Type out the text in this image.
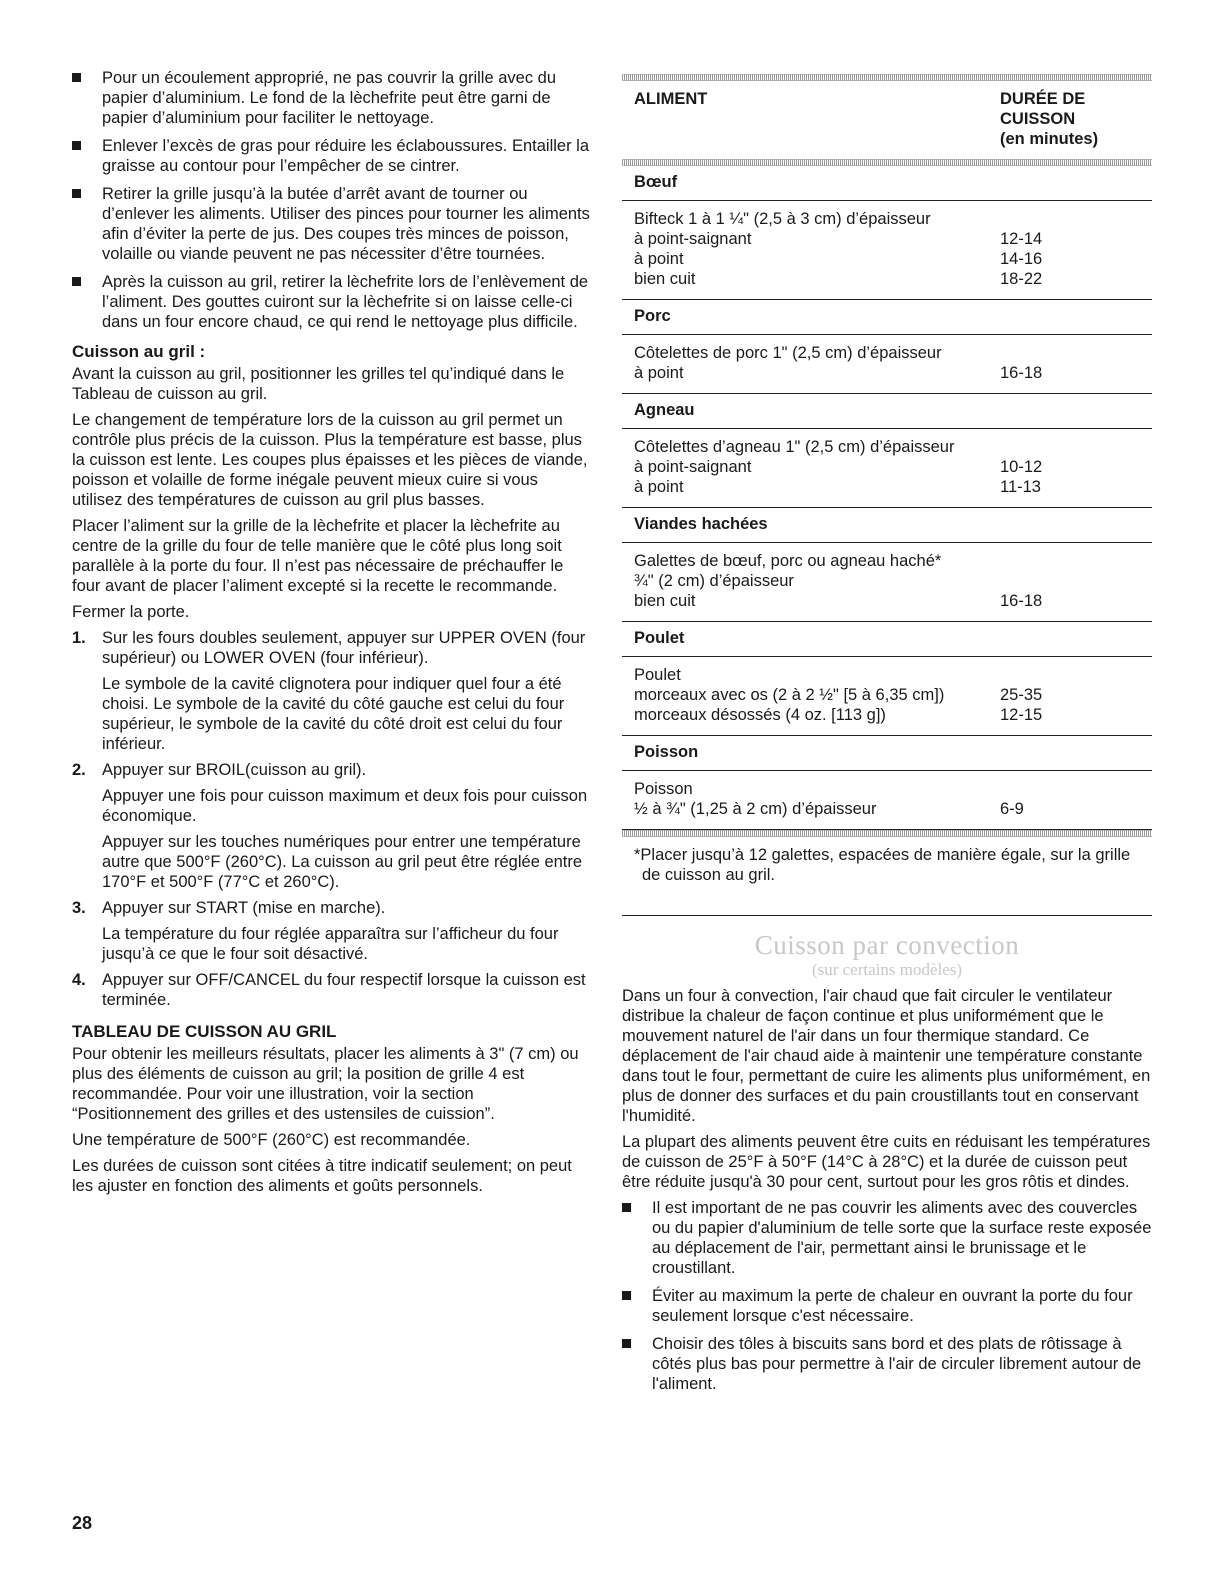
Pour un écoulement approprié, ne pas couvrir la grille avec du papier d’aluminium. Le fond de la lèchefrite peut être garni de papier d’aluminium pour faciliter le nettoyage.
Enlever l’excès de gras pour réduire les éclaboussures. Entailler la graisse au contour pour l’empêcher de se cintrer.
Retirer la grille jusqu’à la butée d’arrêt avant de tourner ou d’enlever les aliments. Utiliser des pinces pour tourner les aliments afin d’éviter la perte de jus. Des coupes très minces de poisson, volaille ou viande peuvent ne pas nécessiter d’être tournées.
Après la cuisson au gril, retirer la lèchefrite lors de l’enlèvement de l’aliment. Des gouttes cuiront sur la lèchefrite si on laisse celle-ci dans un four encore chaud, ce qui rend le nettoyage plus difficile.
Cuisson au gril :

Avant la cuisson au gril, positionner les grilles tel qu’indiqué dans le Tableau de cuisson au gril.

Le changement de température lors de la cuisson au gril permet un contrôle plus précis de la cuisson. Plus la température est basse, plus la cuisson est lente. Les coupes plus épaisses et les pièces de viande, poisson et volaille de forme inégale peuvent mieux cuire si vous utilisez des températures de cuisson au gril plus basses.

Placer l’aliment sur la grille de la lèchefrite et placer la lèchefrite au centre de la grille du four de telle manière que le côté plus long soit parallèle à la porte du four. Il n’est pas nécessaire de préchauffer le four avant de placer l’aliment excepté si la recette le recommande.

Fermer la porte.

1. Sur les fours doubles seulement, appuyer sur UPPER OVEN (four supérieur) ou LOWER OVEN (four inférieur).

Le symbole de la cavité clignotera pour indiquer quel four a été choisi. Le symbole de la cavité du côté gauche est celui du four supérieur, le symbole de la cavité du côté droit est celui du four inférieur.

2. Appuyer sur BROIL(cuisson au gril).

Appuyer une fois pour cuisson maximum et deux fois pour cuisson économique.

Appuyer sur les touches numériques pour entrer une température autre que 500°F (260°C). La cuisson au gril peut être réglée entre 170°F et 500°F (77°C et 260°C).

3. Appuyer sur START (mise en marche).

La température du four réglée apparaîtra sur l’afficheur du four jusqu’à ce que le four soit désactivé.

4. Appuyer sur OFF/CANCEL du four respectif lorsque la cuisson est terminée.

TABLEAU DE CUISSON AU GRIL

Pour obtenir les meilleurs résultats, placer les aliments à 3" (7 cm) ou plus des éléments de cuisson au gril; la position de grille 4 est recommandée. Pour voir une illustration, voir la section “Positionnement des grilles et des ustensiles de cuission”.

Une température de 500°F (260°C) est recommandée.

Les durées de cuisson sont citées à titre indicatif seulement; on peut les ajuster en fonction des aliments et goûts personnels.

ALIMENT	DURÉE DE
CUISSON
(en minutes)
Bœuf
Bifteck 1 à 1 ¼" (2,5 à 3 cm) d’épaisseur
à point-saignant	12-14
à point	14-16
bien cuit	18-22
Porc
Côtelettes de porc 1" (2,5 cm) d’épaisseur
à point	16-18
Agneau
Côtelettes d’agneau 1" (2,5 cm) d’épaisseur
à point-saignant	10-12
à point	11-13
Viandes hachées
Galettes de bœuf, porc ou agneau haché*
¾" (2 cm) d’épaisseur
bien cuit	16-18
Poulet
Poulet
morceaux avec os (2 à 2 ½" [5 à 6,35 cm])	25-35
morceaux désossés (4 oz. [113 g])	12-15
Poisson
Poisson
½ à ¾" (1,25 à 2 cm) d’épaisseur	6-9

*Placer jusqu’à 12 galettes, espacées de manière égale, sur la grille de cuisson au gril.

Cuisson par convection
(sur certains modèles)

Dans un four à convection, l'air chaud que fait circuler le ventilateur distribue la chaleur de façon continue et plus uniformément que le mouvement naturel de l'air dans un four thermique standard. Ce déplacement de l'air chaud aide à maintenir une température constante dans tout le four, permettant de cuire les aliments plus uniformément, en plus de donner des surfaces et du pain croustillants tout en conservant l'humidité.

La plupart des aliments peuvent être cuits en réduisant les températures de cuisson de 25°F à 50°F (14°C à 28°C) et la durée de cuisson peut être réduite jusqu'à 30 pour cent, surtout pour les gros rôtis et dindes.

Il est important de ne pas couvrir les aliments avec des couvercles ou du papier d'aluminium de telle sorte que la surface reste exposée au déplacement de l'air, permettant ainsi le brunissage et le croustillant.
Éviter au maximum la perte de chaleur en ouvrant la porte du four seulement lorsque c'est nécessaire.
Choisir des tôles à biscuits sans bord et des plats de rôtissage à côtés plus bas pour permettre à l'air de circuler librement autour de l'aliment.
28
